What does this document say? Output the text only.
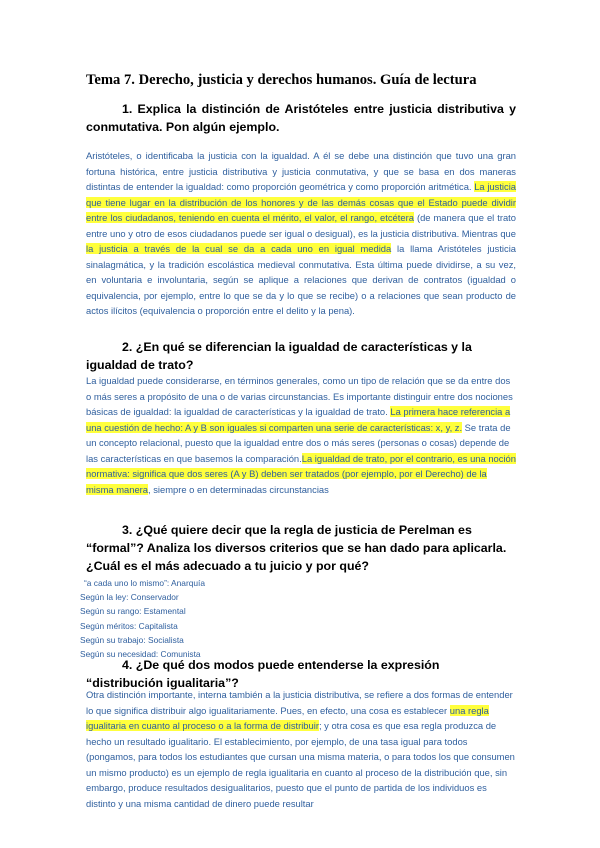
Tema 7. Derecho, justicia y derechos humanos. Guía de lectura
1. Explica la distinción de Aristóteles entre justicia distributiva y conmutativa. Pon algún ejemplo.
Aristóteles, o identificaba la justicia con la igualdad. A él se debe una distinción que tuvo una gran fortuna histórica, entre justicia distributiva y justicia conmutativa, y que se basa en dos maneras distintas de entender la igualdad: como proporción geométrica y como proporción aritmética. La justicia que tiene lugar en la distribución de los honores y de las demás cosas que el Estado puede dividir entre los ciudadanos, teniendo en cuenta el mérito, el valor, el rango, etcétera (de manera que el trato entre uno y otro de esos ciudadanos puede ser igual o desigual), es la justicia distributiva. Mientras que la justicia a través de la cual se da a cada uno en igual medida la llama Aristóteles justicia sinalagmática, y la tradición escolástica medieval conmutativa. Esta última puede dividirse, a su vez, en voluntaria e involuntaria, según se aplique a relaciones que derivan de contratos (igualdad o equivalencia, por ejemplo, entre lo que se da y lo que se recibe) o a relaciones que sean producto de actos ilícitos (equivalencia o proporción entre el delito y la pena).
2. ¿En qué se diferencian la igualdad de características y la igualdad de trato?
La igualdad puede considerarse, en términos generales, como un tipo de relación que se da entre dos o más seres a propósito de una o de varias circunstancias. Es importante distinguir entre dos nociones básicas de igualdad: la igualdad de características y la igualdad de trato. La primera hace referencia a una cuestión de hecho: A y B son iguales si comparten una serie de características: x, y, z. Se trata de un concepto relacional, puesto que la igualdad entre dos o más seres (personas o cosas) depende de las características en que basemos la comparación.La igualdad de trato, por el contrario, es una noción normativa: significa que dos seres (A y B) deben ser tratados (por ejemplo, por el Derecho) de la misma manera, siempre o en determinadas circunstancias
3. ¿Qué quiere decir que la regla de justicia de Perelman es “formal”? Analiza los diversos criterios que se han dado para aplicarla. ¿Cuál es el más adecuado a tu juicio y por qué?
“a cada uno lo mismo”: Anarquía
Según la ley: Conservador
Según su rango: Estamental
Según méritos: Capitalista
Según su trabajo: Socialista
Según su necesidad: Comunista
4. ¿De qué dos modos puede entenderse la expresión “distribución igualitaria”?
Otra distinción importante, interna también a la justicia distributiva, se refiere a dos formas de entender lo que significa distribuir algo igualitariamente. Pues, en efecto, una cosa es establecer una regla igualitaria en cuanto al proceso o a la forma de distribuir; y otra cosa es que esa regla produzca de hecho un resultado igualitario. El establecimiento, por ejemplo, de una tasa igual para todos (pongamos, para todos los estudiantes que cursan una misma materia, o para todos los que consumen un mismo producto) es un ejemplo de regla igualitaria en cuanto al proceso de la distribución que, sin embargo, produce resultados desigualitarios, puesto que el punto de partida de los individuos es distinto y una misma cantidad de dinero puede resultar
